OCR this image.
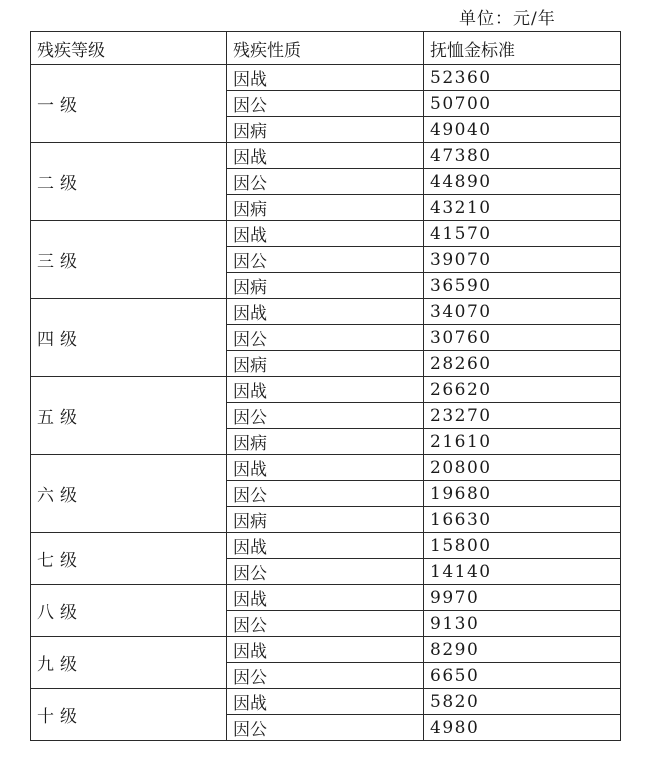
单位：元/年
残疾等级	残疾性质	抚恤金标准
一级	因战	52360
	因公	50700
	因病	49040
二级	因战	47380
	因公	44890
	因病	43210
三级	因战	41570
	因公	39070
	因病	36590
四级	因战	34070
	因公	30760
	因病	28260
五级	因战	26620
	因公	23270
	因病	21610
六级	因战	20800
	因公	19680
	因病	16630
七级	因战	15800
	因公	14140
八级	因战	9970
	因公	9130
九级	因战	8290
	因公	6650
十级	因战	5820
	因公	4980
